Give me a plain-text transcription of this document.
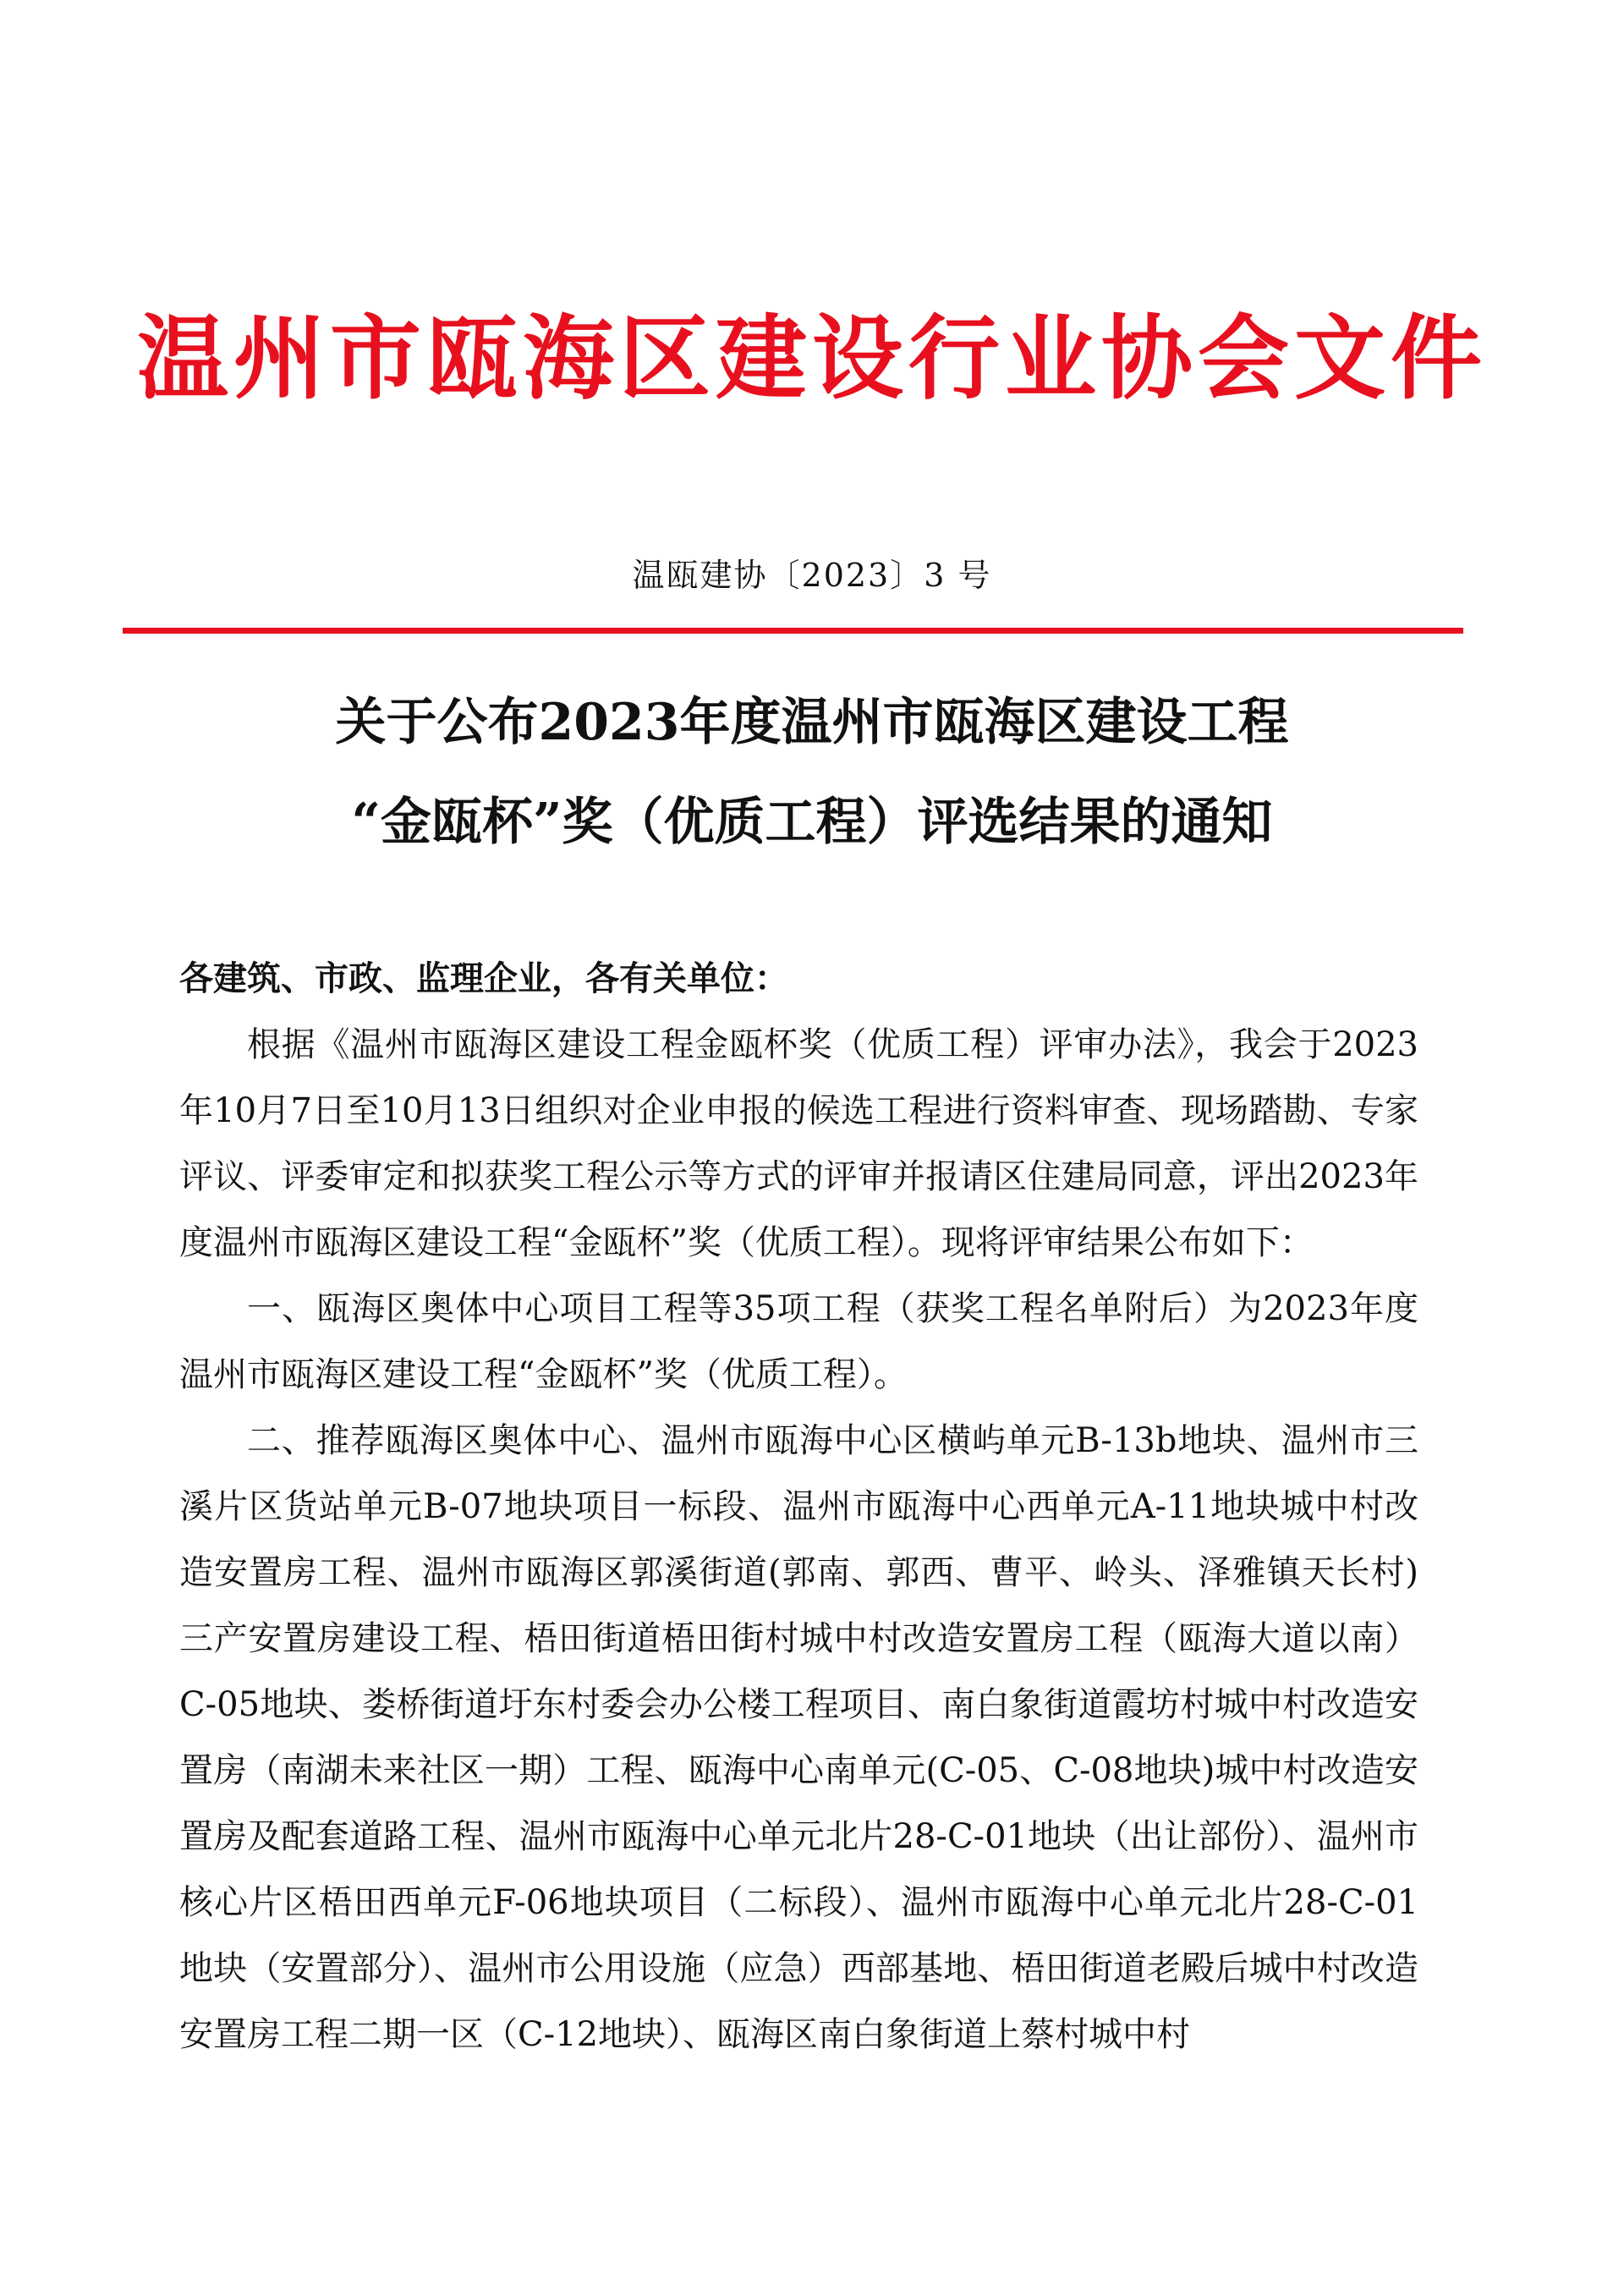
温州市瓯海区建设行业协会文件
温瓯建协〔2023〕3 号
关于公布2023年度温州市瓯海区建设工程
“金瓯杯”奖（优质工程）评选结果的通知

各建筑、市政、监理企业，各有关单位：

根据《温州市瓯海区建设工程金瓯杯奖（优质工程）评审办法》，我会于2023年10月7日至10月13日组织对企业申报的候选工程进行资料审查、现场踏勘、专家评议、评委审定和拟获奖工程公示等方式的评审并报请区住建局同意，评出2023年度温州市瓯海区建设工程“金瓯杯”奖（优质工程）。现将评审结果公布如下：

一、瓯海区奥体中心项目工程等35项工程（获奖工程名单附后）为2023年度温州市瓯海区建设工程“金瓯杯”奖（优质工程）。

二、推荐瓯海区奥体中心、温州市瓯海中心区横屿单元B-13b地块、温州市三溪片区货站单元B-07地块项目一标段、温州市瓯海中心西单元A-11地块城中村改造安置房工程、温州市瓯海区郭溪街道(郭南、郭西、曹平、岭头、泽雅镇天长村)三产安置房建设工程、梧田街道梧田街村城中村改造安置房工程（瓯海大道以南）C-05地块、娄桥街道圩东村委会办公楼工程项目、南白象街道霞坊村城中村改造安置房（南湖未来社区一期）工程、瓯海中心南单元(C-05、C-08地块)城中村改造安置房及配套道路工程、温州市瓯海中心单元北片28-C-01地块（出让部份）、温州市核心片区梧田西单元F-06地块项目（二标段）、温州市瓯海中心单元北片28-C-01地块（安置部分）、温州市公用设施（应急）西部基地、梧田街道老殿后城中村改造安置房工程二期一区（C-12地块）、瓯海区南白象街道上蔡村城中村
